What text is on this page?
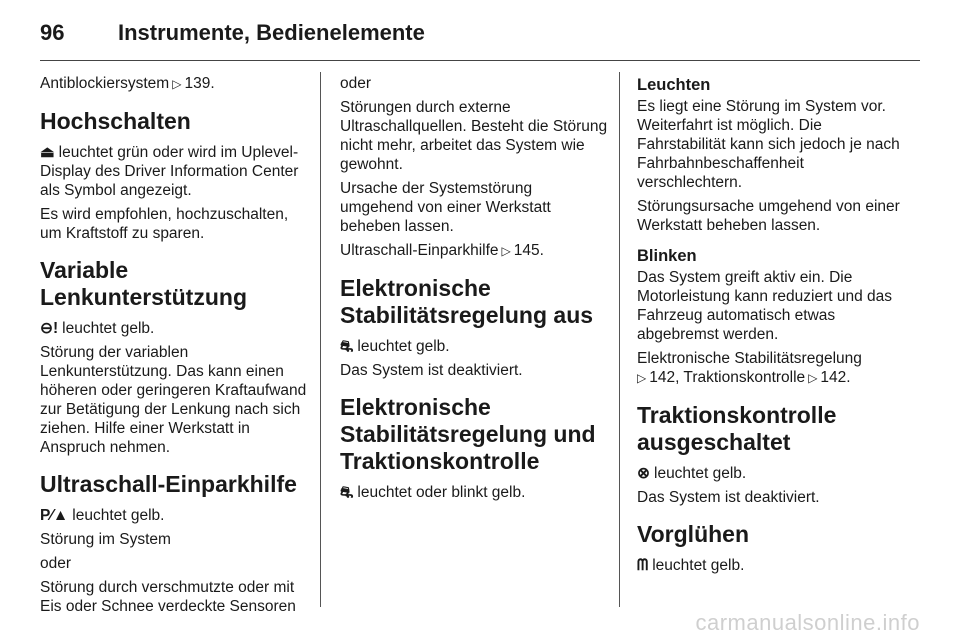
96 Instrumente, Bedienelemente

Antiblockiersystem ▷ 139.

Hochschalten

⏏ leuchtet grün oder wird im Uplevel-Display des Driver Information Center als Symbol angezeigt.

Es wird empfohlen, hochzuschalten, um Kraftstoff zu sparen.

Variable Lenkunterstützung

⊖! leuchtet gelb.

Störung der variablen Lenkunterstützung. Das kann einen höheren oder geringeren Kraftaufwand zur Betätigung der Lenkung nach sich ziehen. Hilfe einer Werkstatt in Anspruch nehmen.

Ultraschall-Einparkhilfe

P⁄▲ leuchtet gelb.

Störung im System

oder

Störung durch verschmutzte oder mit Eis oder Schnee verdeckte Sensoren

oder

Störungen durch externe Ultraschallquellen. Besteht die Störung nicht mehr, arbeitet das System wie gewohnt.

Ursache der Systemstörung umgehend von einer Werkstatt beheben lassen.

Ultraschall-Einparkhilfe ▷ 145.

Elektronische Stabilitätsregelung aus

⛐ leuchtet gelb.

Das System ist deaktiviert.

Elektronische Stabilitätsregelung und Traktionskontrolle

⛐ leuchtet oder blinkt gelb.

Leuchten

Es liegt eine Störung im System vor. Weiterfahrt ist möglich. Die Fahrstabilität kann sich jedoch je nach Fahrbahnbeschaffenheit verschlechtern.

Störungsursache umgehend von einer Werkstatt beheben lassen.

Blinken

Das System greift aktiv ein. Die Motorleistung kann reduziert und das Fahrzeug automatisch etwas abgebremst werden.

Elektronische Stabilitätsregelung
▷ 142, Traktionskontrolle ▷ 142.

Traktionskontrolle ausgeschaltet

⊗ leuchtet gelb.

Das System ist deaktiviert.

Vorglühen

ᗰ leuchtet gelb.

carmanualsonline.info
